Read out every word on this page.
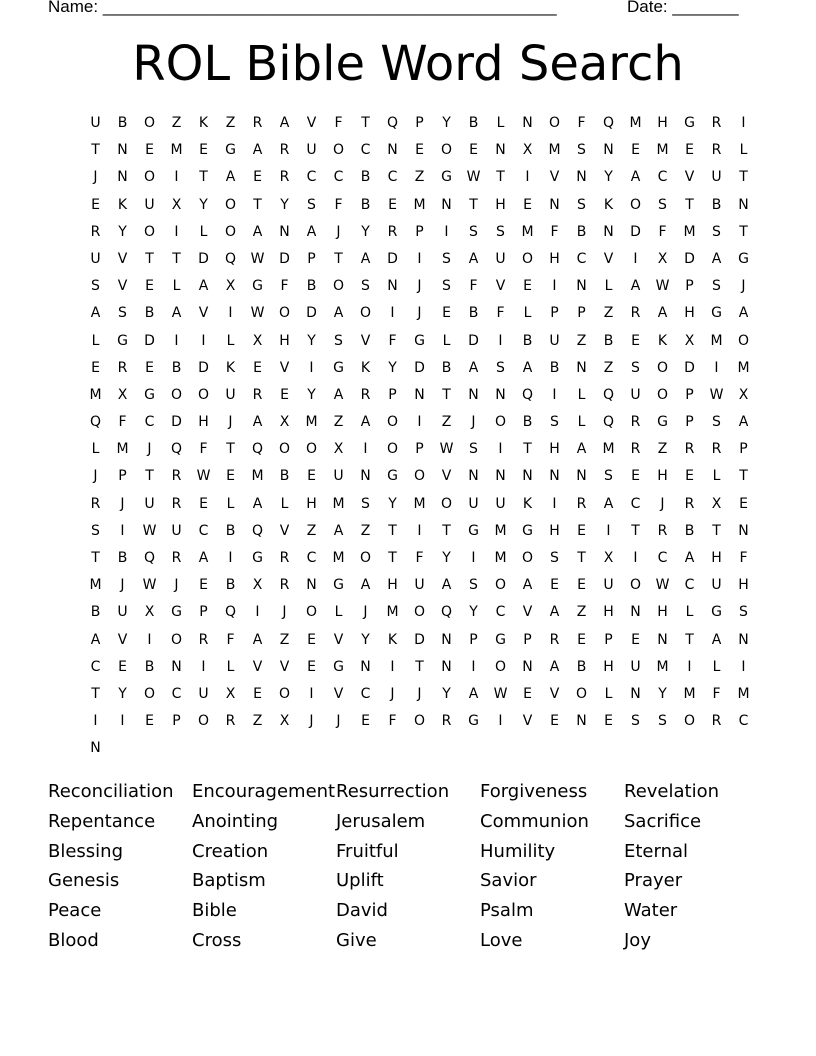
Name: ________________________________________________	Date: _______
ROL Bible Word Search
U	B	O	Z	K	Z	R	A	V	F	T	Q	P	Y	B	L	N	O	F	Q	M	H	G	R	I
T	N	E	M	E	G	A	R	U	O	C	N	E	O	E	N	X	M	S	N	E	M	E	R	L
J	N	O	I	T	A	E	R	C	C	B	C	Z	G	W	T	I	V	N	Y	A	C	V	U	T
E	K	U	X	Y	O	T	Y	S	F	B	E	M	N	T	H	E	N	S	K	O	S	T	B	N
R	Y	O	I	L	O	A	N	A	J	Y	R	P	I	S	S	M	F	B	N	D	F	M	S	T
U	V	T	T	D	Q	W	D	P	T	A	D	I	S	A	U	O	H	C	V	I	X	D	A	G
S	V	E	L	A	X	G	F	B	O	S	N	J	S	F	V	E	I	N	L	A	W	P	S	J
A	S	B	A	V	I	W	O	D	A	O	I	J	E	B	F	L	P	P	Z	R	A	H	G	A
L	G	D	I	I	L	X	H	Y	S	V	F	G	L	D	I	B	U	Z	B	E	K	X	M	O
E	R	E	B	D	K	E	V	I	G	K	Y	D	B	A	S	A	B	N	Z	S	O	D	I	M
M	X	G	O	O	U	R	E	Y	A	R	P	N	T	N	N	Q	I	L	Q	U	O	P	W	X
Q	F	C	D	H	J	A	X	M	Z	A	O	I	Z	J	O	B	S	L	Q	R	G	P	S	A
L	M	J	Q	F	T	Q	O	O	X	I	O	P	W	S	I	T	H	A	M	R	Z	R	R	P
J	P	T	R	W	E	M	B	E	U	N	G	O	V	N	N	N	N	N	S	E	H	E	L	T
R	J	U	R	E	L	A	L	H	M	S	Y	M	O	U	U	K	I	R	A	C	J	R	X	E
S	I	W	U	C	B	Q	V	Z	A	Z	T	I	T	G	M	G	H	E	I	T	R	B	T	N
T	B	Q	R	A	I	G	R	C	M	O	T	F	Y	I	M	O	S	T	X	I	C	A	H	F
M	J	W	J	E	B	X	R	N	G	A	H	U	A	S	O	A	E	E	U	O	W	C	U	H
B	U	X	G	P	Q	I	J	O	L	J	M	O	Q	Y	C	V	A	Z	H	N	H	L	G	S
A	V	I	O	R	F	A	Z	E	V	Y	K	D	N	P	G	P	R	E	P	E	N	T	A	N
C	E	B	N	I	L	V	V	E	G	N	I	T	N	I	O	N	A	B	H	U	M	I	L	I
T	Y	O	C	U	X	E	O	I	V	C	J	J	Y	A	W	E	V	O	L	N	Y	M	F	M
I	I	E	P	O	R	Z	X	J	J	E	F	O	R	G	I	V	E	N	E	S	S	O	R	C
N
Reconciliation	Encouragement Resurrection	Forgiveness	Revelation
Repentance	Anointing	Jerusalem	Communion	Sacrifice
Blessing	Creation	Fruitful	Humility	Eternal
Genesis	Baptism	Uplift	Savior	Prayer
Peace	Bible	David	Psalm	Water
Blood	Cross	Give	Love	Joy
